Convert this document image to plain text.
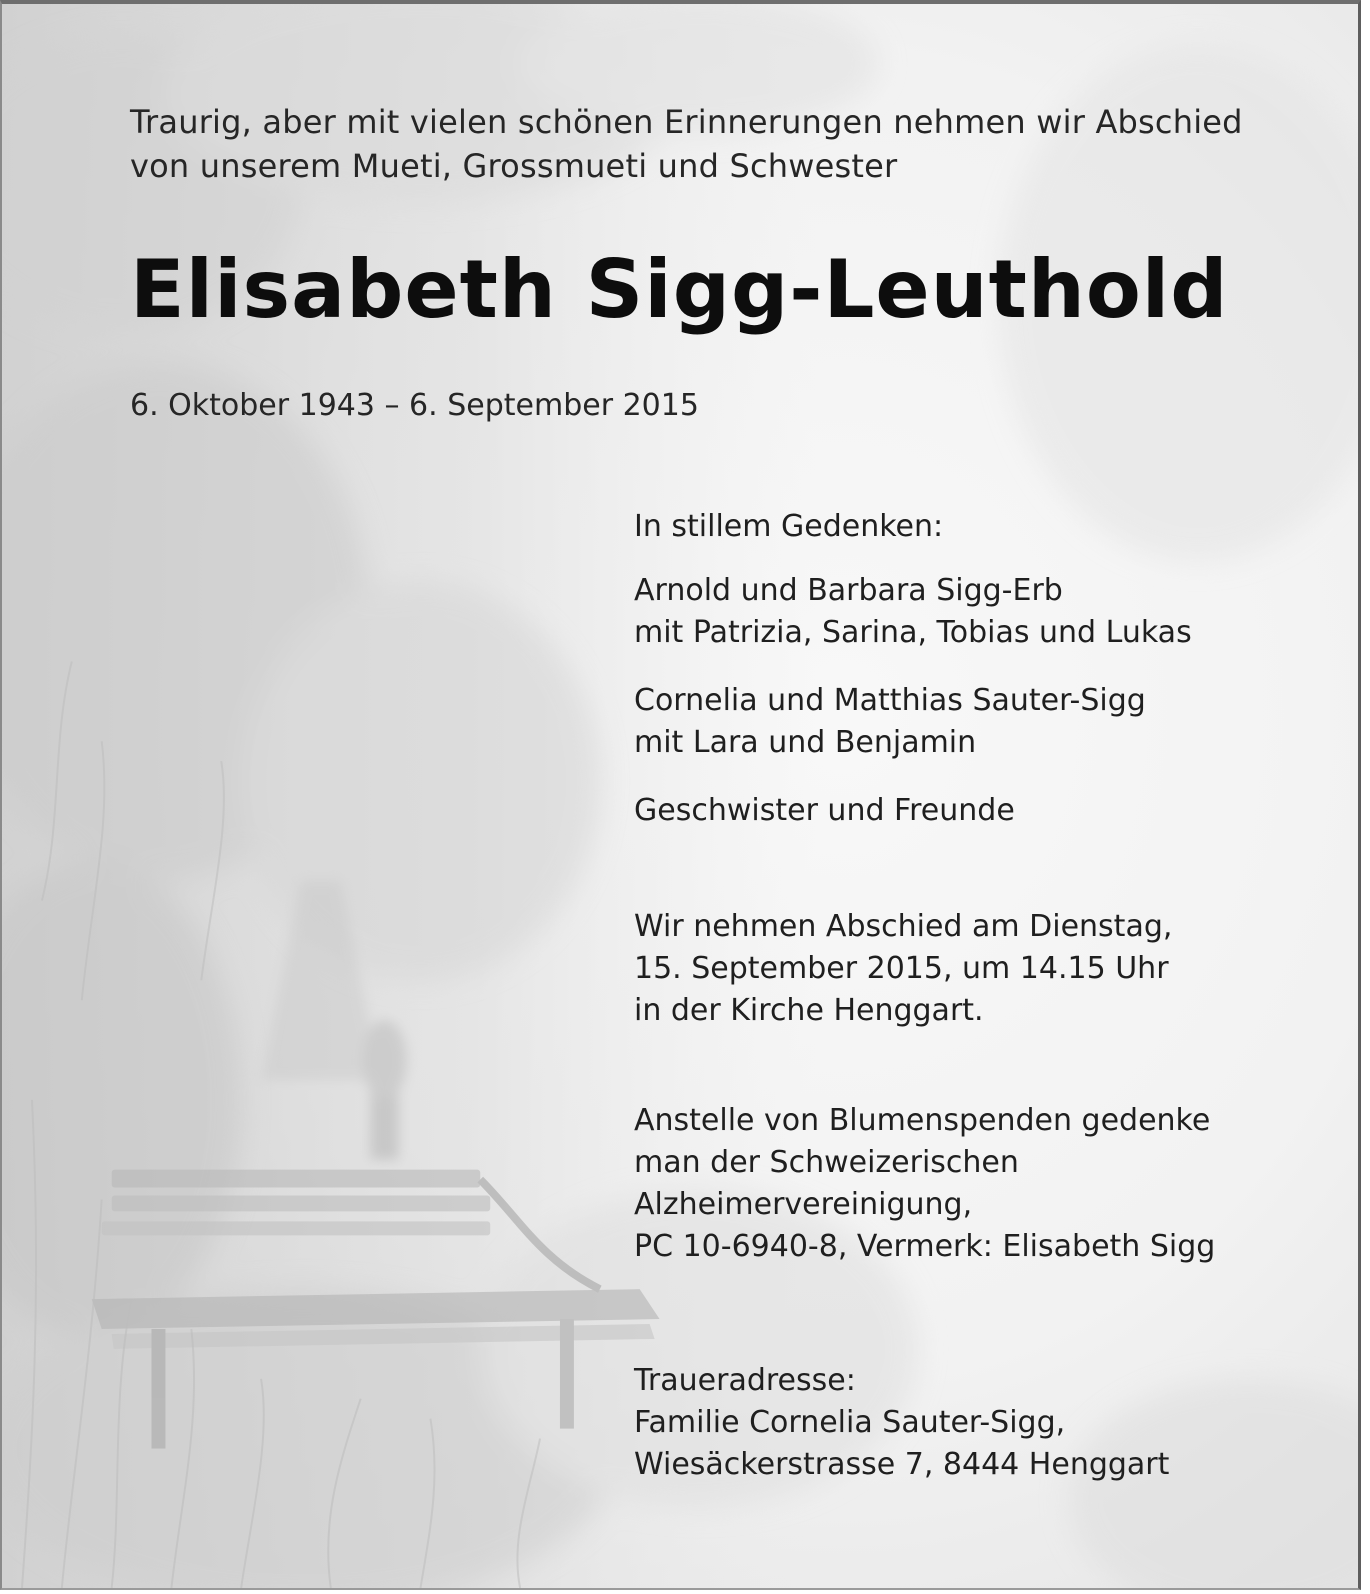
Traurig, aber mit vielen schönen Erinnerungen nehmen wir Abschied
von unserem Mueti, Grossmueti und Schwester

Elisabeth Sigg-Leuthold

6. Oktober 1943 – 6. September 2015

In stillem Gedenken:

Arnold und Barbara Sigg-Erb
mit Patrizia, Sarina, Tobias und Lukas

Cornelia und Matthias Sauter-Sigg
mit Lara und Benjamin

Geschwister und Freunde

Wir nehmen Abschied am Dienstag,
15. September 2015, um 14.15 Uhr
in der Kirche Henggart.

Anstelle von Blumenspenden gedenke
man der Schweizerischen
Alzheimervereinigung,
PC 10-6940-8, Vermerk: Elisabeth Sigg

Traueradresse:
Familie Cornelia Sauter-Sigg,
Wiesäckerstrasse 7, 8444 Henggart
